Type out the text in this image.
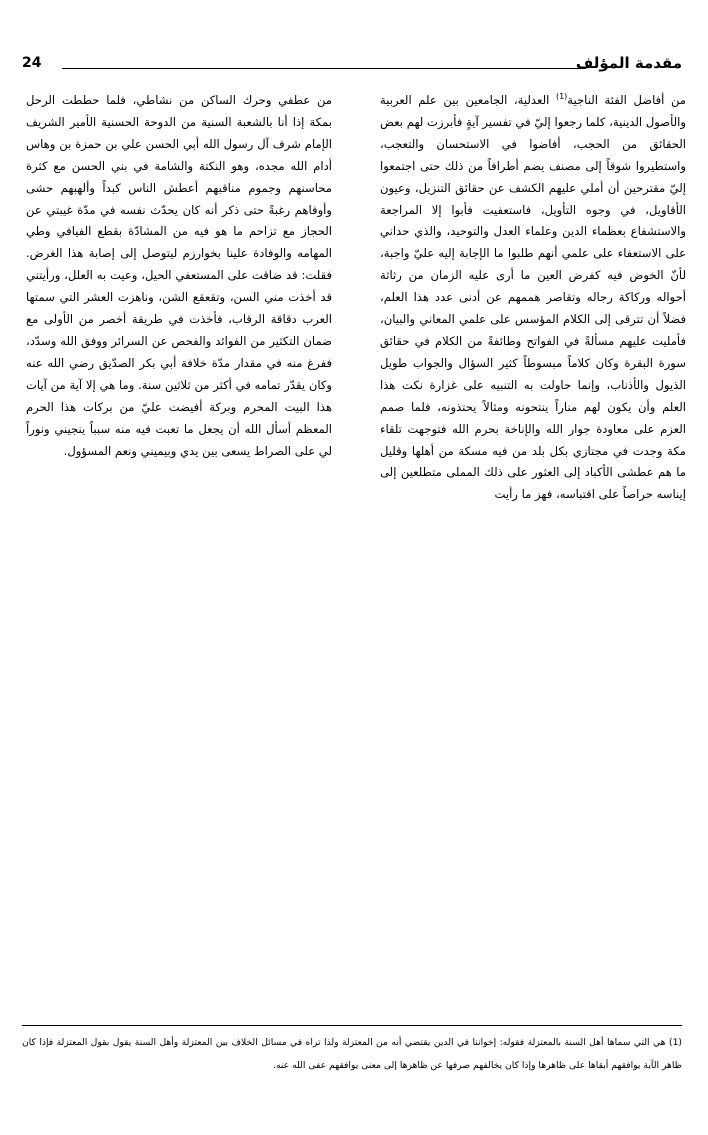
مقدمة المؤلف
24

من أفاضل الفئة الناجية$^{(1)}$ العدلية، الجامعين بين علم العربية والأصول الدينية، كلما رجعوا إليّ في تفسير آيةٍ فأبرزت لهم بعض الحقائق من الحجب، أفاضوا في الاستحسان والتعجب، واستطيروا شوقاً إلى مصنف يضم أطرافاً من ذلك حتى اجتمعوا إليّ مقترحين أن أملي عليهم الكشف عن حقائق التنزيل، وعيون الأقاويل، في وجوه التأويل، فاستعفيت فأبوا إلا المراجعة والاستشفاع بعظماء الدين وعلماء العدل والتوحيد، والذي حداني على الاستعفاء على علمي أنهم طلبوا ما الإجابة إليه عليّ واجبة، لأنّ الخوض فيه كفرض العين ما أرى عليه الزمان من رثاثة أحواله وركاكة رجاله وتقاصر هممهم عن أدنى عدد هذا العلم، فضلاً أن تترقى إلى الكلام المؤسس على علمي المعاني والبيان، فأمليت عليهم مسألةً في الفواتح وطائفةً من الكلام في حقائق سورة البقرة وكان كلاماً مبسوطاً كثير السؤال والجواب طويل الذيول والأذناب، وإنما حاولت به التنبيه على غزارة نكت هذا العلم وأن يكون لهم مناراً ينتحونه ومثالاً يحتذونه، فلما صمم العزم على معاودة جوار الله والإناخة بحرم الله فتوجهت تلقاء مكة وجدت في مجتازي بكل بلد من فيه مسكة من أهلها وقليل ما هم عطشى الأكباد إلى العثور على ذلك المملى متطلعين إلى إيناسه حراصاً على اقتباسه، فهز ما رأيت

من عطفي وحرك الساكن من نشاطي، فلما حططت الرحل بمكة إذا أنا بالشعبة السنية من الدوحة الحسنية الأمير الشريف الإمام شرف آل رسول الله أبي الحسن علي بن حمزة بن وهاس أدام الله مجده، وهو النكتة والشامة في بني الحسن مع كثرة محاسنهم وجموم مناقبهم أعطش الناس كبداً وألهبهم حشى وأوفاهم رغبةً حتى ذكر أنه كان يحدّث نفسه في مدّة غيبتي عن الحجاز مع تزاحم ما هو فيه من المشادّة بقطع الفيافي وطي المهامه والوفادة علينا بخوارزم ليتوصل إلى إصابة هذا الغرض. فقلت: قد ضاقت على المستعفي الحيل، وعيت به العلل، ورأيتني قد أخذت مني السن، وتقعقع الشن، وناهزت العشر التي سمتها العرب دقاقة الرقاب، فأخذت في طريقة أخصر من الأولى مع ضمان التكثير من الفوائد والفحص عن السرائر ووفق الله وسدّد، ففرغ منه في مقدار مدّة خلافة أبي بكر الصدّيق رضي الله عنه وكان يقدّر تمامه في أكثر من ثلاثين سنة. وما هي إلا آية من آيات هذا البيت المحرم وبركة أفيضت عليّ من بركات هذا الحرم المعظم أسأل الله أن يجعل ما تعبت فيه منه سبباً ينجيني ونوراً لي على الصراط يسعى بين يدي وبيميني ونعم المسؤول.

(1) هي التي سماها أهل السنة بالمعتزلة فقوله: إخواننا في الدين يقتضي أنه من المعتزلة ولذا تراه في مسائل الخلاف بين المعتزلة وأهل السنة يقول بقول المعتزلة فإذا كان ظاهر الآية يوافقهم أبقاها على ظاهرها وإذا كان يخالفهم صرفها عن ظاهرها إلى معنى يوافقهم عفى الله عنه.
